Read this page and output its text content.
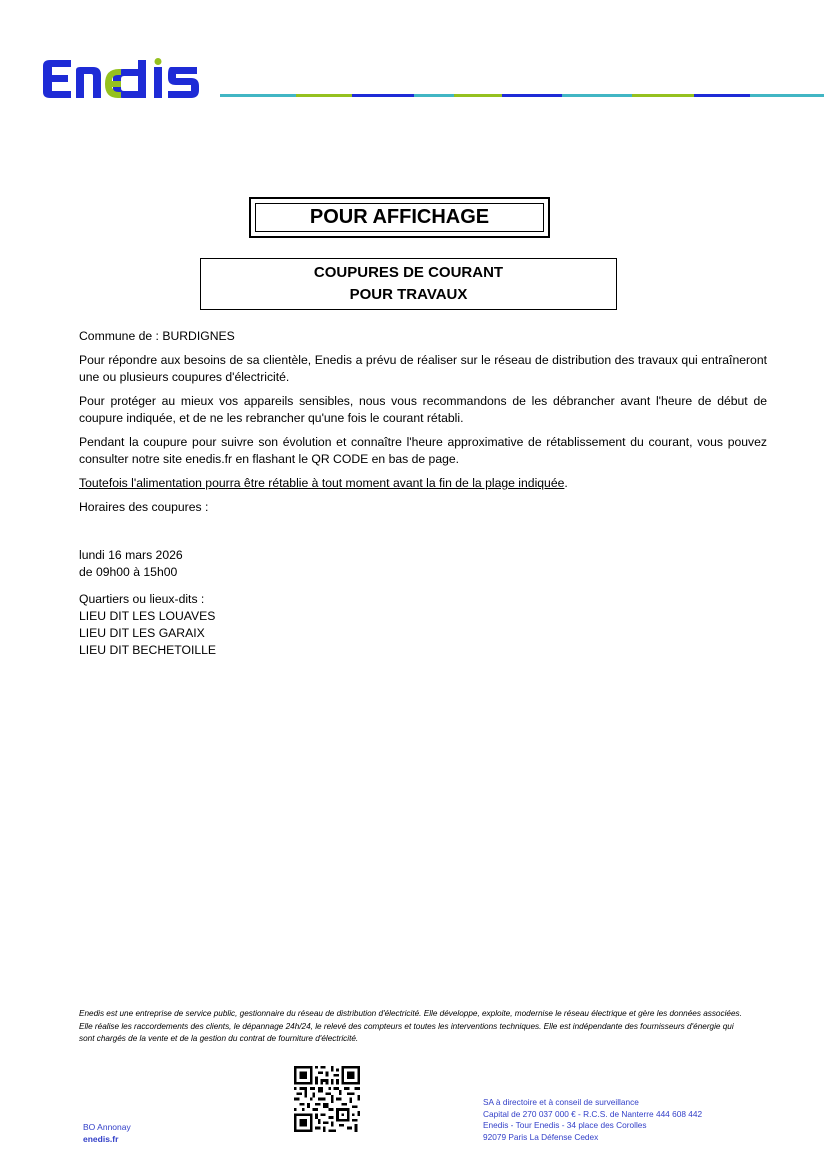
POUR AFFICHAGE
COUPURES DE COURANT
POUR TRAVAUX

Commune de : BURDIGNES

Pour répondre aux besoins de sa clientèle, Enedis a prévu de réaliser sur le réseau de distribution des travaux qui entraîneront une ou plusieurs coupures d'électricité.

Pour protéger au mieux vos appareils sensibles, nous vous recommandons de les débrancher avant l'heure de début de coupure indiquée, et de ne les rebrancher qu'une fois le courant rétabli.

Pendant la coupure pour suivre son évolution et connaître l'heure approximative de rétablissement du courant, vous pouvez consulter notre site enedis.fr en flashant le QR CODE en bas de page.

Toutefois l'alimentation pourra être rétablie à tout moment avant la fin de la plage indiquée.

Horaires des coupures :

lundi 16 mars 2026
de 09h00 à 15h00
Quartiers ou lieux-dits :
LIEU DIT LES LOUAVES
LIEU DIT LES GARAIX
LIEU DIT BECHETOILLE
Enedis est une entreprise de service public, gestionnaire du réseau de distribution d'électricité. Elle développe, exploite, modernise le réseau électrique et gère les données associées. Elle réalise les raccordements des clients, le dépannage 24h/24, le relevé des compteurs et toutes les interventions techniques. Elle est indépendante des fournisseurs d'énergie qui sont chargés de la vente et de la gestion du contrat de fourniture d'électricité.
BO Annonay
enedis.fr
SA à directoire et à conseil de surveillance
Capital de 270 037 000 € - R.C.S. de Nanterre 444 608 442
Enedis - Tour Enedis - 34 place des Corolles
92079 Paris La Défense Cedex
